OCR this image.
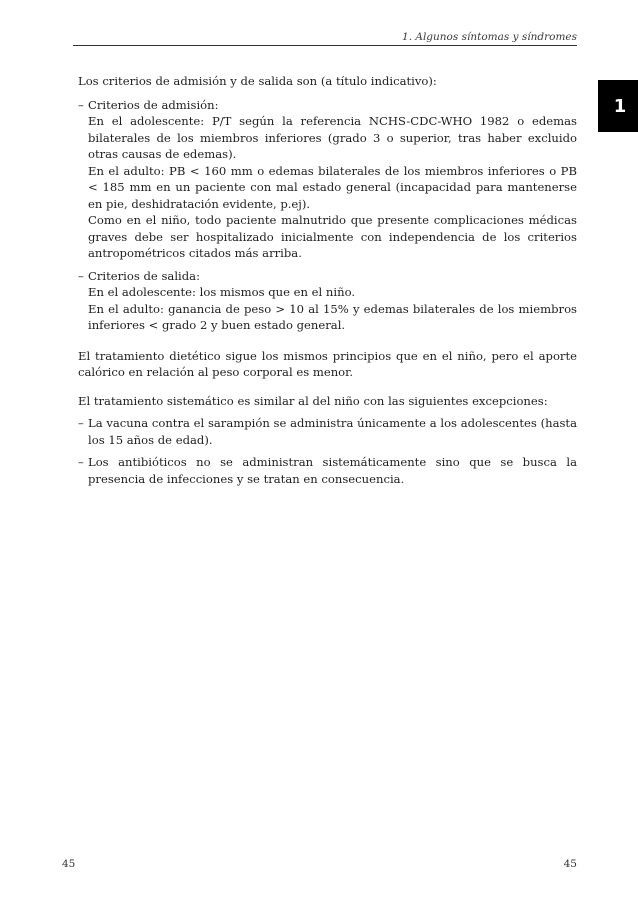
1. Algunos síntomas y síndromes
1

Los criterios de admisión y de salida son (a título indicativo):

– Criterios de admisión:
En el adolescente: P/T según la referencia NCHS-CDC-WHO 1982 o edemas bilaterales de los miembros inferiores (grado 3 o superior, tras haber excluido otras causas de edemas).
En el adulto: PB < 160 mm o edemas bilaterales de los miembros inferiores o PB < 185 mm en un paciente con mal estado general (incapacidad para mantenerse en pie, deshidratación evidente, p.ej).
Como en el niño, todo paciente malnutrido que presente complicaciones médicas graves debe ser hospitalizado inicialmente con independencia de los criterios antropométricos citados más arriba.
– Criterios de salida:
En el adolescente: los mismos que en el niño.
En el adulto: ganancia de peso > 10 al 15% y edemas bilaterales de los miembros inferiores < grado 2 y buen estado general.

El tratamiento dietético sigue los mismos principios que en el niño, pero el aporte calórico en relación al peso corporal es menor.

El tratamiento sistemático es similar al del niño con las siguientes excepciones:

– La vacuna contra el sarampión se administra únicamente a los adolescentes (hasta los 15 años de edad).
– Los antibióticos no se administran sistemáticamente sino que se busca la presencia de infecciones y se tratan en consecuencia.
45	45
